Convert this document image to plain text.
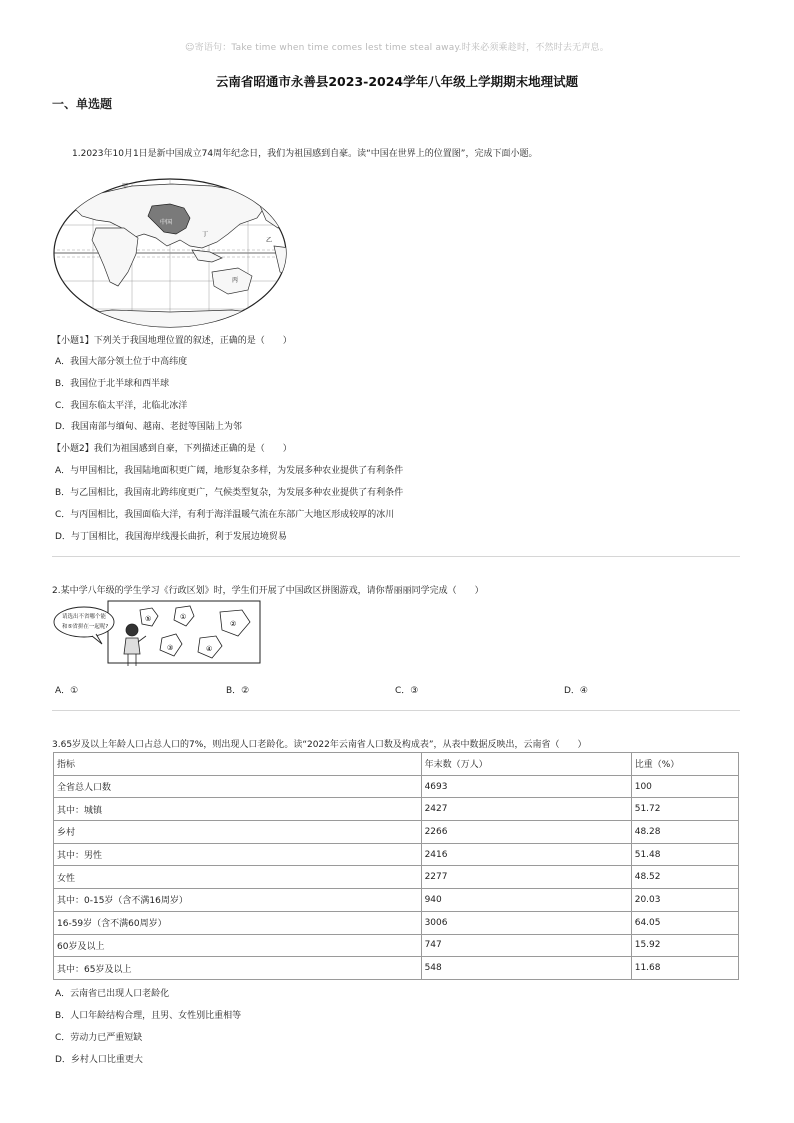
☺寄语句：Take time when time comes lest time steal away.时来必须乘趁时，不然时去无声息。
云南省昭通市永善县2023-2024学年八年级上学期期末地理试题
一、单选题
1.2023年10月1日是新中国成立74周年纪念日，我们为祖国感到自豪。读“中国在世界上的位置图”，完成下面小题。
中国
甲
乙
丙
丁
【小题1】下列关于我国地理位置的叙述，正确的是（　　）
A．我国大部分领土位于中高纬度
B．我国位于北半球和西半球
C．我国东临太平洋，北临北冰洋
D．我国南部与缅甸、越南、老挝等国陆上为邻
【小题2】我们为祖国感到自豪，下列描述正确的是（　　）
A．与甲国相比，我国陆地面积更广阔，地形复杂多样，为发展多种农业提供了有利条件
B．与乙国相比，我国南北跨纬度更广，气候类型复杂，为发展多种农业提供了有利条件
C．与丙国相比，我国面临大洋，有利于海洋温暖气流在东部广大地区形成较厚的冰川
D．与丁国相比，我国海岸线漫长曲折，利于发展边境贸易
2.某中学八年级的学生学习《行政区划》时，学生们开展了中国政区拼图游戏，请你帮丽丽同学完成（　　）
请选出不省哪个能
和⑤省拼在一起呢?
⑤	①
③	④
②
A．①	B．②	C．③	D．④
3.65岁及以上年龄人口占总人口的7%，则出现人口老龄化。读“2022年云南省人口数及构成表”，从表中数据反映出，云南省（　　）
指标	年末数（万人）	比重（%）
全省总人口数	4693	100
其中：城镇	2427	51.72
乡村	2266	48.28
其中：男性	2416	51.48
女性	2277	48.52
其中：0-15岁（含不满16周岁）	940	20.03
16-59岁（含不满60周岁）	3006	64.05
60岁及以上	747	15.92
其中：65岁及以上	548	11.68
A．云南省已出现人口老龄化
B．人口年龄结构合理，且男、女性别比重相等
C．劳动力已严重短缺
D．乡村人口比重更大
